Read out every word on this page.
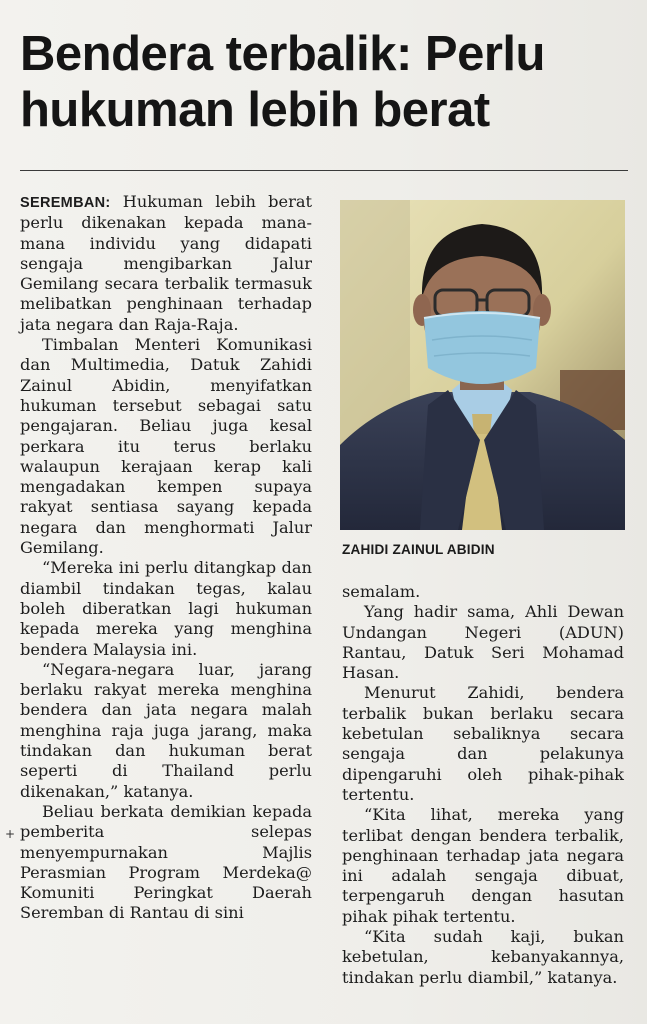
Bendera terbalik: Perlu hukuman lebih berat

SEREMBAN: Hukuman lebih berat perlu dikenakan kepada mana-mana individu yang didapati sengaja mengibarkan Jalur Gemilang secara terbalik termasuk melibatkan penghinaan terhadap jata negara dan Raja-Raja.

Timbalan Menteri Komunikasi dan Multimedia, Datuk Zahidi Zainul Abidin, menyifatkan hukuman tersebut sebagai satu pengajaran. Beliau juga kesal perkara itu terus berlaku walaupun kerajaan kerap kali mengadakan kempen supaya rakyat sentiasa sayang kepada negara dan menghormati Jalur Gemilang.

“Mereka ini perlu ditangkap dan diambil tindakan tegas, kalau boleh diberatkan lagi hukuman kepada mereka yang menghina bendera Malaysia ini.

“Negara-negara luar, jarang berlaku rakyat mereka menghina bendera dan jata negara malah menghina raja juga jarang, maka tindakan dan hukuman berat seperti di Thailand perlu dikenakan,” katanya.

Beliau berkata demikian kepada pemberita selepas menyempurnakan Majlis Perasmian Program Merdeka@ Komuniti Peringkat Daerah Seremban di Rantau di sini

ZAHIDI ZAINUL ABIDIN

semalam.

Yang hadir sama, Ahli Dewan Undangan Negeri (ADUN) Rantau, Datuk Seri Mohamad Hasan.

Menurut Zahidi, bendera terbalik bukan berlaku secara kebetulan sebaliknya secara sengaja dan pelakunya dipengaruhi oleh pihak-pihak tertentu.

“Kita lihat, mereka yang terlibat dengan bendera terbalik, penghinaan terhadap jata negara ini adalah sengaja dibuat, terpengaruh dengan hasutan pihak pihak tertentu.

“Kita sudah kaji, bukan kebetulan, kebanyakannya, tindakan perlu diambil,” katanya.

+
